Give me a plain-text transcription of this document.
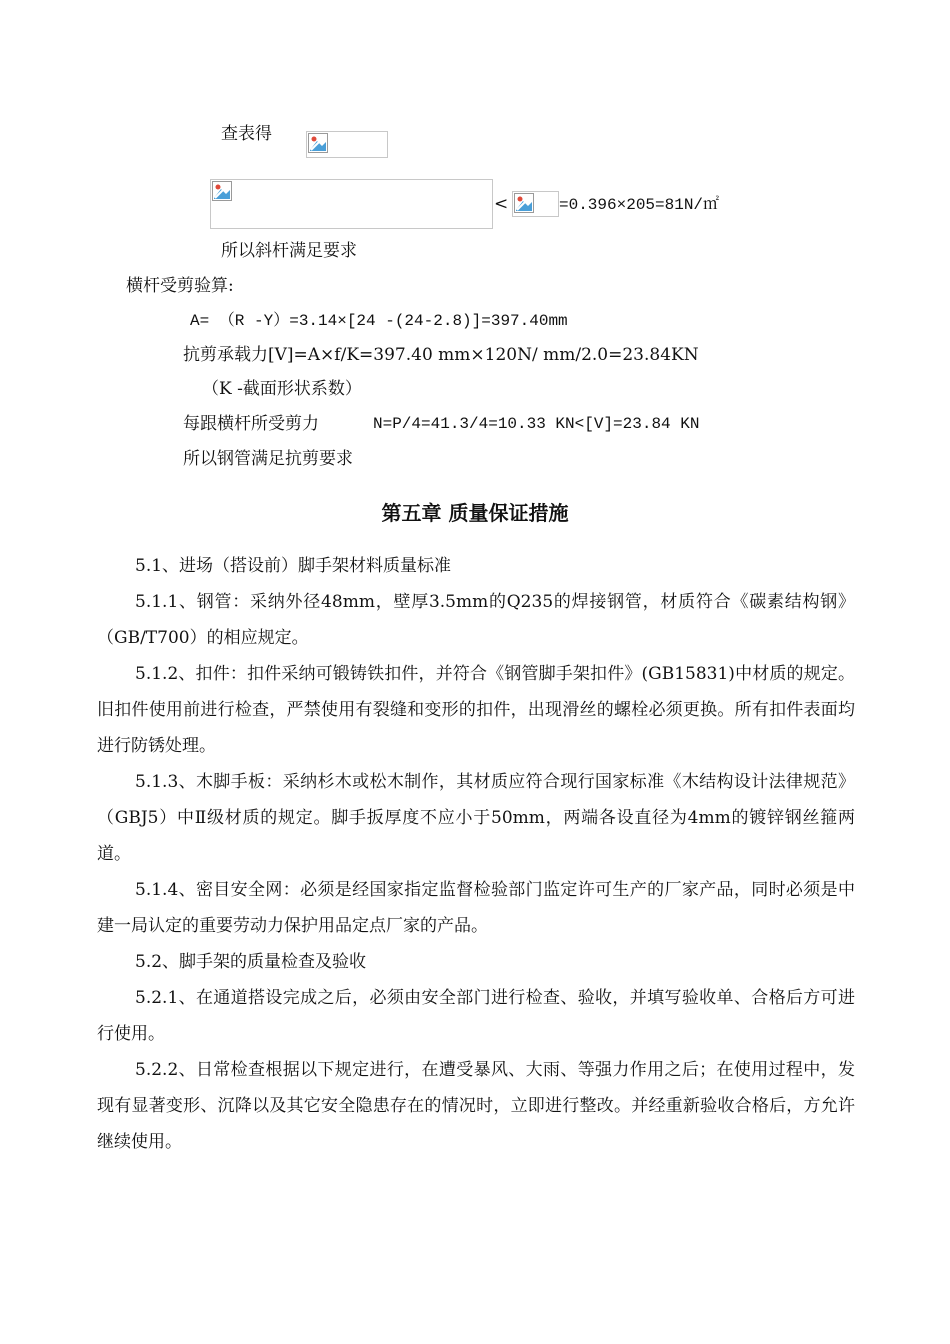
查表得
<	=0.396×205=81N/㎡
所以斜杆满足要求
横杆受剪验算:
A= （R -Y）=3.14×[24 -(24-2.8)]=397.40mm
抗剪承载力[V]=A×f/K=397.40 mm×120N/ mm/2.0=23.84KN
（K -截面形状系数）
每跟横杆所受剪力	N=P/4=41.3/4=10.33 KN<[V]=23.84 KN
所以钢管满足抗剪要求
第五章 质量保证措施
5.1、进场（搭设前）脚手架材料质量标准
5.1.1、钢管：采纳外径48mm，壁厚3.5mm的Q235的焊接钢管，材质符合《碳素结构钢》（GB/T700）的相应规定。
5.1.2、扣件：扣件采纳可锻铸铁扣件，并符合《钢管脚手架扣件》(GB15831)中材质的规定。旧扣件使用前进行检查，严禁使用有裂缝和变形的扣件，出现滑丝的螺栓必须更换。所有扣件表面均进行防锈处理。
5.1.3、木脚手板：采纳杉木或松木制作，其材质应符合现行国家标准《木结构设计法律规范》（GBJ5）中Ⅱ级材质的规定。脚手扳厚度不应小于50mm，两端各设直径为4mm的镀锌钢丝箍两道。
5.1.4、密目安全网：必须是经国家指定监督检验部门监定许可生产的厂家产品，同时必须是中建一局认定的重要劳动力保护用品定点厂家的产品。
5.2、脚手架的质量检查及验收
5.2.1、在通道搭设完成之后，必须由安全部门进行检查、验收，并填写验收单、合格后方可进行使用。
5.2.2、日常检查根据以下规定进行，在遭受暴风、大雨、等强力作用之后；在使用过程中，发现有显著变形、沉降以及其它安全隐患存在的情况时，立即进行整改。并经重新验收合格后，方允许继续使用。
